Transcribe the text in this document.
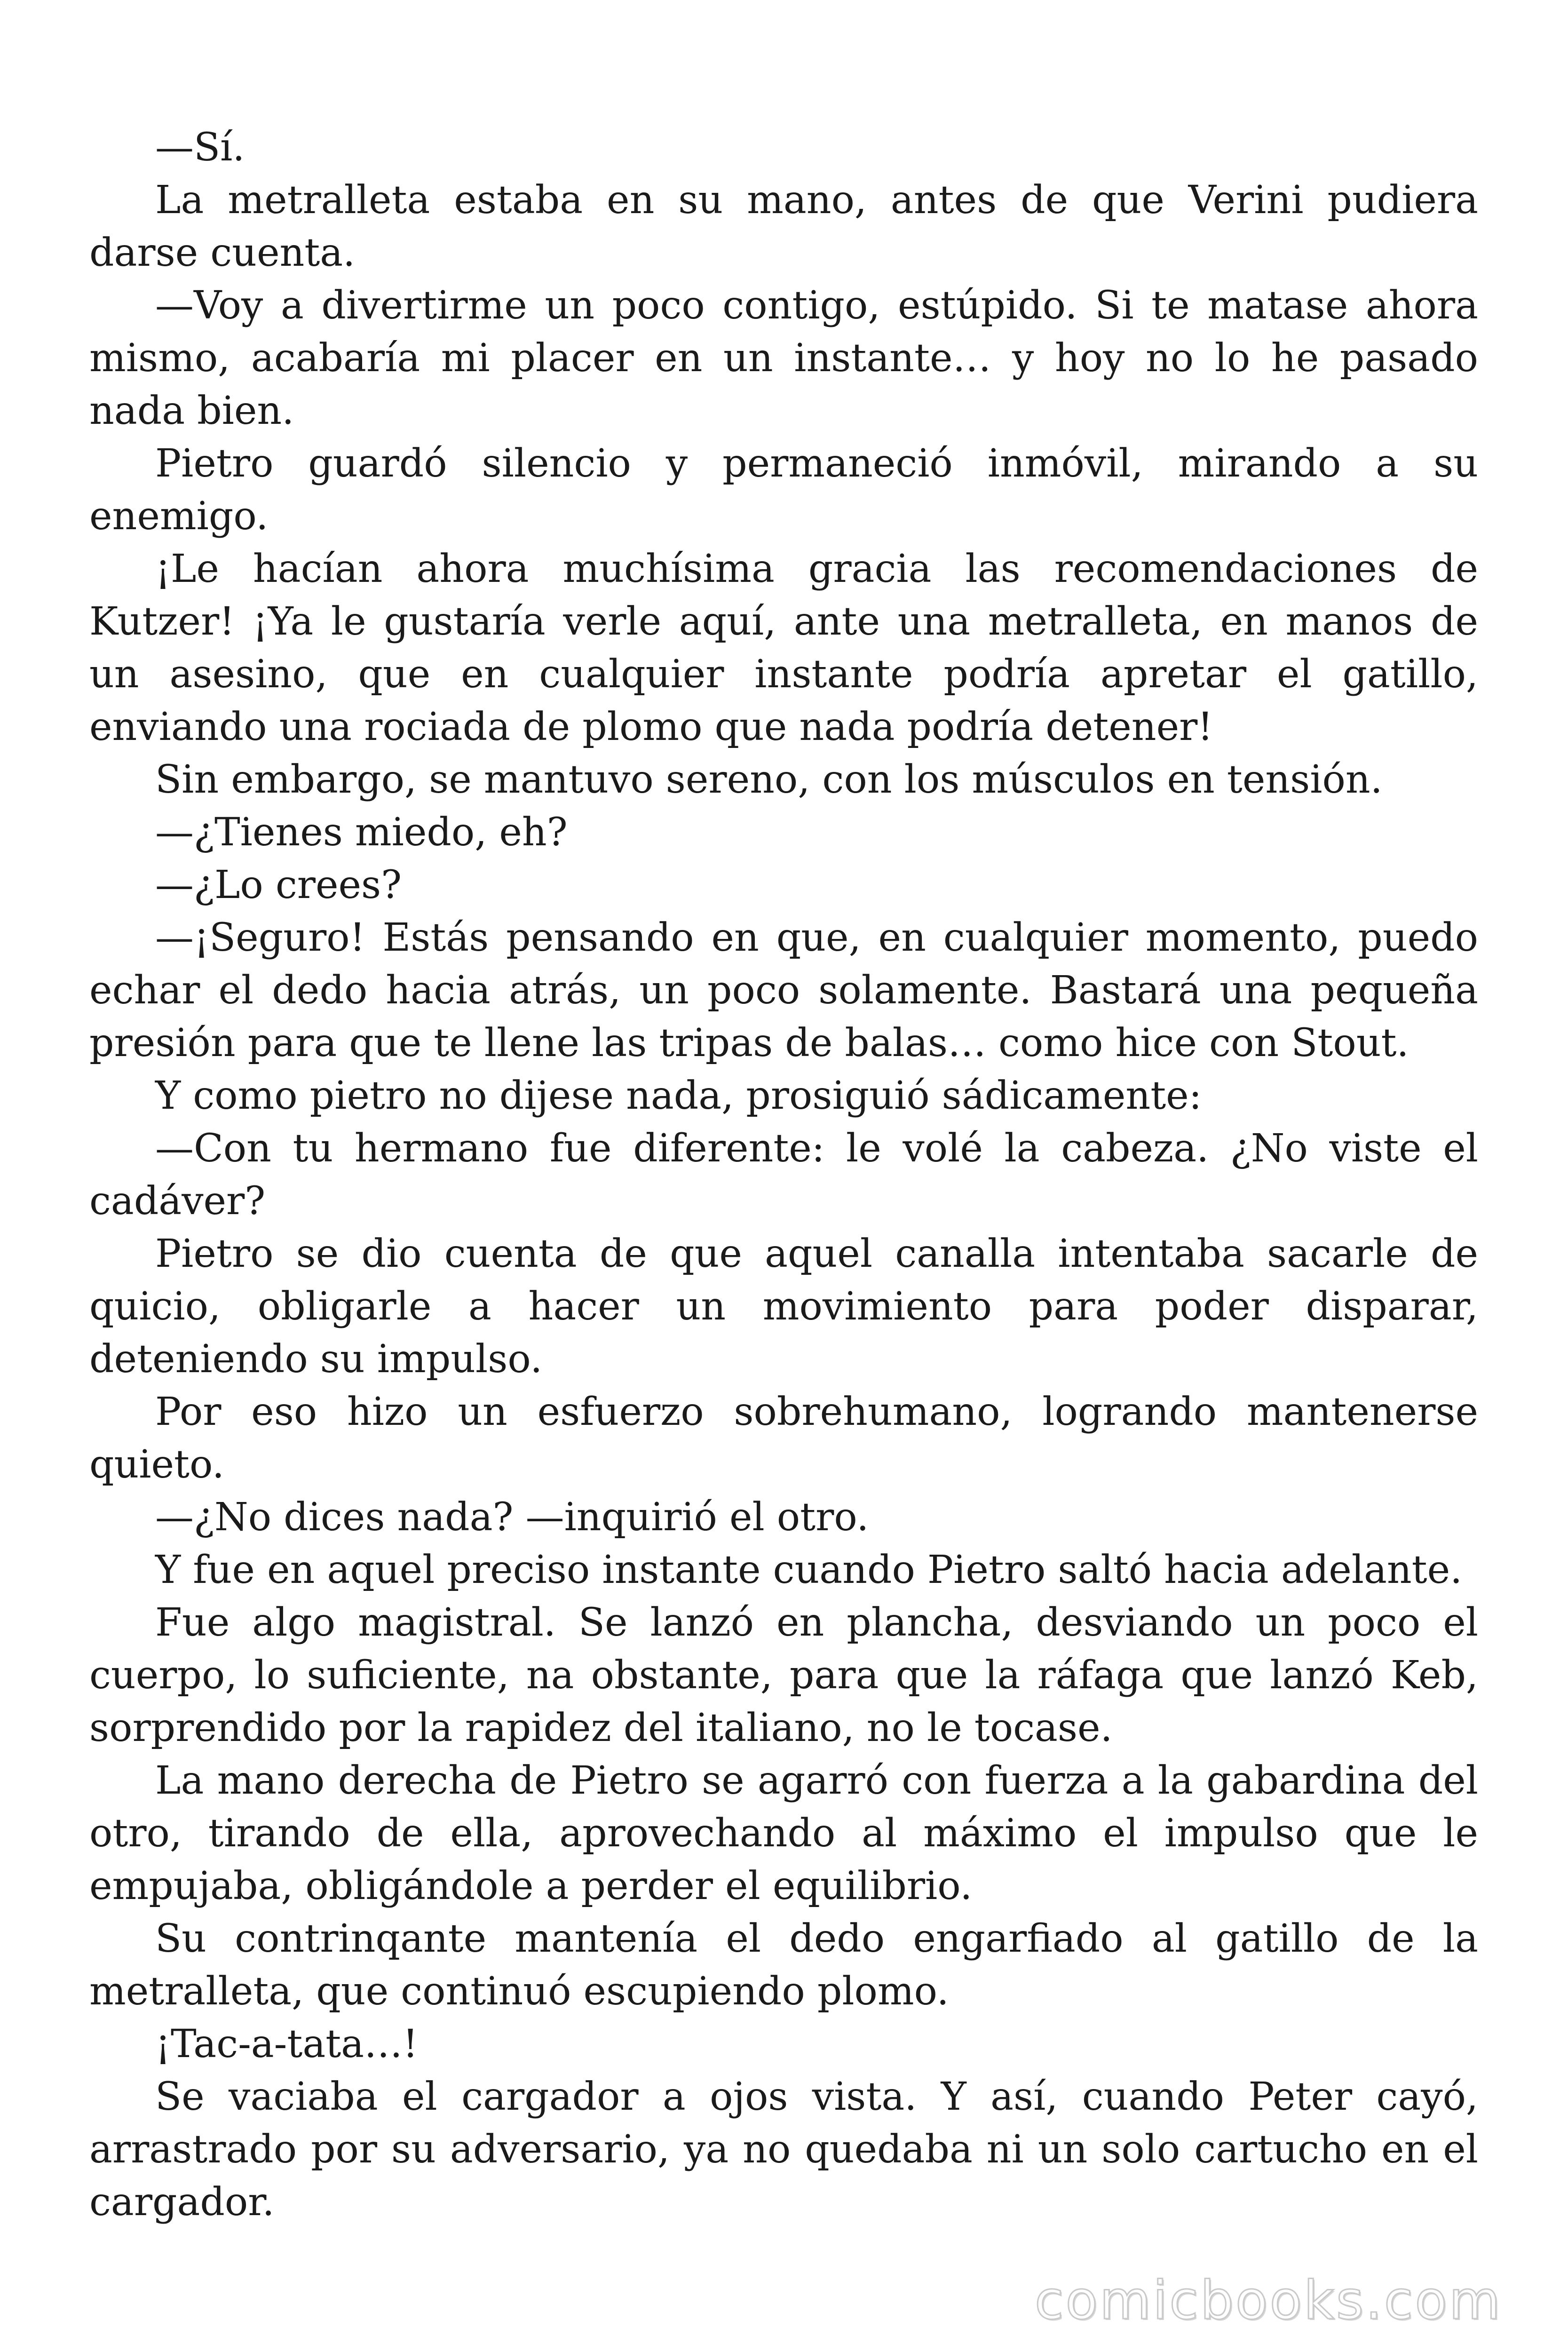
—Sí.

La metralleta estaba en su mano, antes de que Verini pudiera darse cuenta.

—Voy a divertirme un poco contigo, estúpido. Si te matase ahora mismo, acabaría mi placer en un instante… y hoy no lo he pasado nada bien.

Pietro guardó silencio y permaneció inmóvil, mirando a su enemigo.

¡Le hacían ahora muchísima gracia las recomendaciones de Kutzer! ¡Ya le gustaría verle aquí, ante una metralleta, en manos de un asesino, que en cualquier instante podría apretar el gatillo, enviando una rociada de plomo que nada podría detener!

Sin embargo, se mantuvo sereno, con los músculos en tensión.

—¿Tienes miedo, eh?

—¿Lo crees?

—¡Seguro! Estás pensando en que, en cualquier momento, puedo echar el dedo hacia atrás, un poco solamente. Bastará una pequeña presión para que te llene las tripas de balas… como hice con Stout.

Y como pietro no dijese nada, prosiguió sádicamente:

—Con tu hermano fue diferente: le volé la cabeza. ¿No viste el cadáver?

Pietro se dio cuenta de que aquel canalla intentaba sacarle de quicio, obligarle a hacer un movimiento para poder disparar, deteniendo su impulso.

Por eso hizo un esfuerzo sobrehumano, logrando mantenerse quieto.

—¿No dices nada? —inquirió el otro.

Y fue en aquel preciso instante cuando Pietro saltó hacia adelante.

Fue algo magistral. Se lanzó en plancha, desviando un poco el cuerpo, lo suficiente, na obstante, para que la ráfaga que lanzó Keb, sorprendido por la rapidez del italiano, no le tocase.

La mano derecha de Pietro se agarró con fuerza a la gabardina del otro, tirando de ella, aprovechando al máximo el impulso que le empujaba, obligándole a perder el equilibrio.

Su contrinqante mantenía el dedo engarfiado al gatillo de la metralleta, que continuó escupiendo plomo.

¡Tac-a-tata…!

Se vaciaba el cargador a ojos vista. Y así, cuando Peter cayó, arrastrado por su adversario, ya no quedaba ni un solo cartucho en el cargador.

comicbooks.com
